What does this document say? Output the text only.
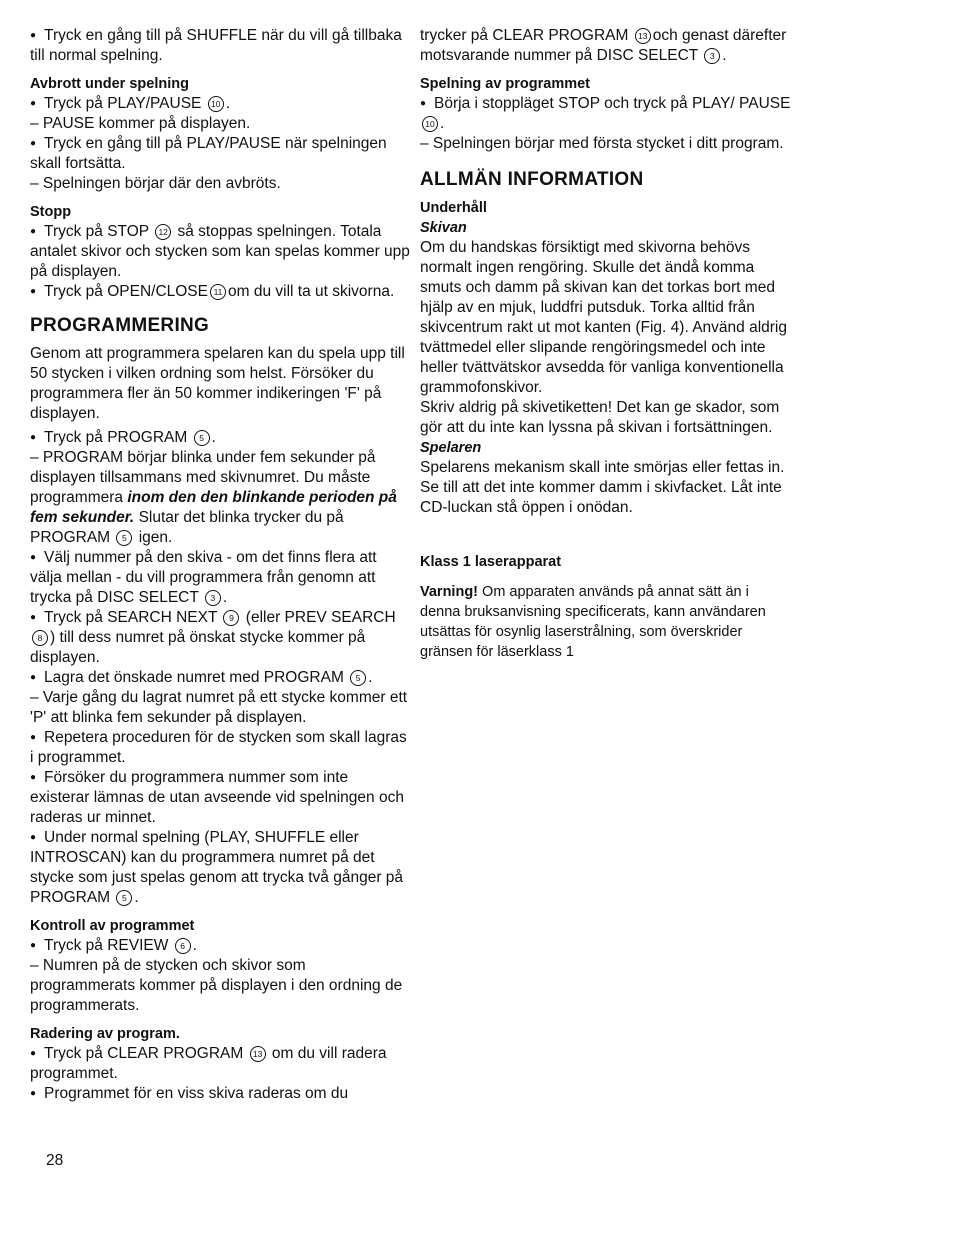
● Tryck en gång till på SHUFFLE när du vill gå tillbaka till normal spelning.

Avbrott under spelning

● Tryck på PLAY/PAUSE 10 .

– PAUSE kommer på displayen.

● Tryck en gång till på PLAY/PAUSE när spelningen skall fortsätta.

– Spelningen börjar där den avbröts.

Stopp

● Tryck på STOP 12 så stoppas spelningen. Totala antalet skivor och stycken som kan spelas kommer upp på displayen.

● Tryck på OPEN/CLOSE 11 om du vill ta ut skivorna.

PROGRAMMERING

Genom att programmera spelaren kan du spela upp till 50 stycken i vilken ordning som helst. Försöker du programmera fler än 50 kommer indikeringen 'F' på displayen.

● Tryck på PROGRAM 5 .

– PROGRAM börjar blinka under fem sekunder på displayen tillsammans med skivnumret. Du måste programmera inom den den blinkande perioden på fem sekunder. Slutar det blinka trycker du på PROGRAM 5 igen.

● Välj nummer på den skiva - om det finns flera att välja mellan - du vill programmera från genomn att trycka på DISC SELECT 3 .

● Tryck på SEARCH NEXT 9 (eller PREV SEARCH 8 ) till dess numret på önskat stycke kommer på displayen.

● Lagra det önskade numret med PROGRAM 5 .

– Varje gång du lagrat numret på ett stycke kommer ett 'P' att blinka fem sekunder på displayen.

● Repetera proceduren för de stycken som skall lagras i programmet.

● Försöker du programmera nummer som inte existerar lämnas de utan avseende vid spelningen och raderas ur minnet.

● Under normal spelning (PLAY, SHUFFLE eller INTROSCAN) kan du programmera numret på det stycke som just spelas genom att trycka två gånger på PROGRAM 5 .

Kontroll av programmet

● Tryck på REVIEW 6 .

– Numren på de stycken och skivor som programmerats kommer på displayen i den ordning de programmerats.

Radering av program.

● Tryck på CLEAR PROGRAM 13 om du vill radera programmet.

● Programmet för en viss skiva raderas om du

trycker på CLEAR PROGRAM 13 och genast därefter motsvarande nummer på DISC SELECT 3 .

Spelning av programmet

● Börja i stoppläget STOP och tryck på PLAY/ PAUSE 10 .

– Spelningen börjar med första stycket i ditt program.

ALLMÄN INFORMATION

Underhåll

Skivan

Om du handskas försiktigt med skivorna behövs normalt ingen rengöring. Skulle det ändå komma smuts och damm på skivan kan det torkas bort med hjälp av en mjuk, luddfri putsduk. Torka alltid från skivcentrum rakt ut mot kanten (Fig. 4). Använd aldrig tvättmedel eller slipande rengöringsmedel och inte heller tvättvätskor avsedda för vanliga konventionella grammofonskivor.

Skriv aldrig på skivetiketten! Det kan ge skador, som gör att du inte kan lyssna på skivan i fortsättningen.

Spelaren

Spelarens mekanism skall inte smörjas eller fettas in. Se till att det inte kommer damm i skivfacket. Låt inte CD-luckan stå öppen i onödan.

Klass 1 laserapparat

Varning! Om apparaten används på annat sätt än i denna bruksanvisning specificerats, kann användaren utsättas för osynlig laserstrålning, som överskrider gränsen för läserklass 1

28
